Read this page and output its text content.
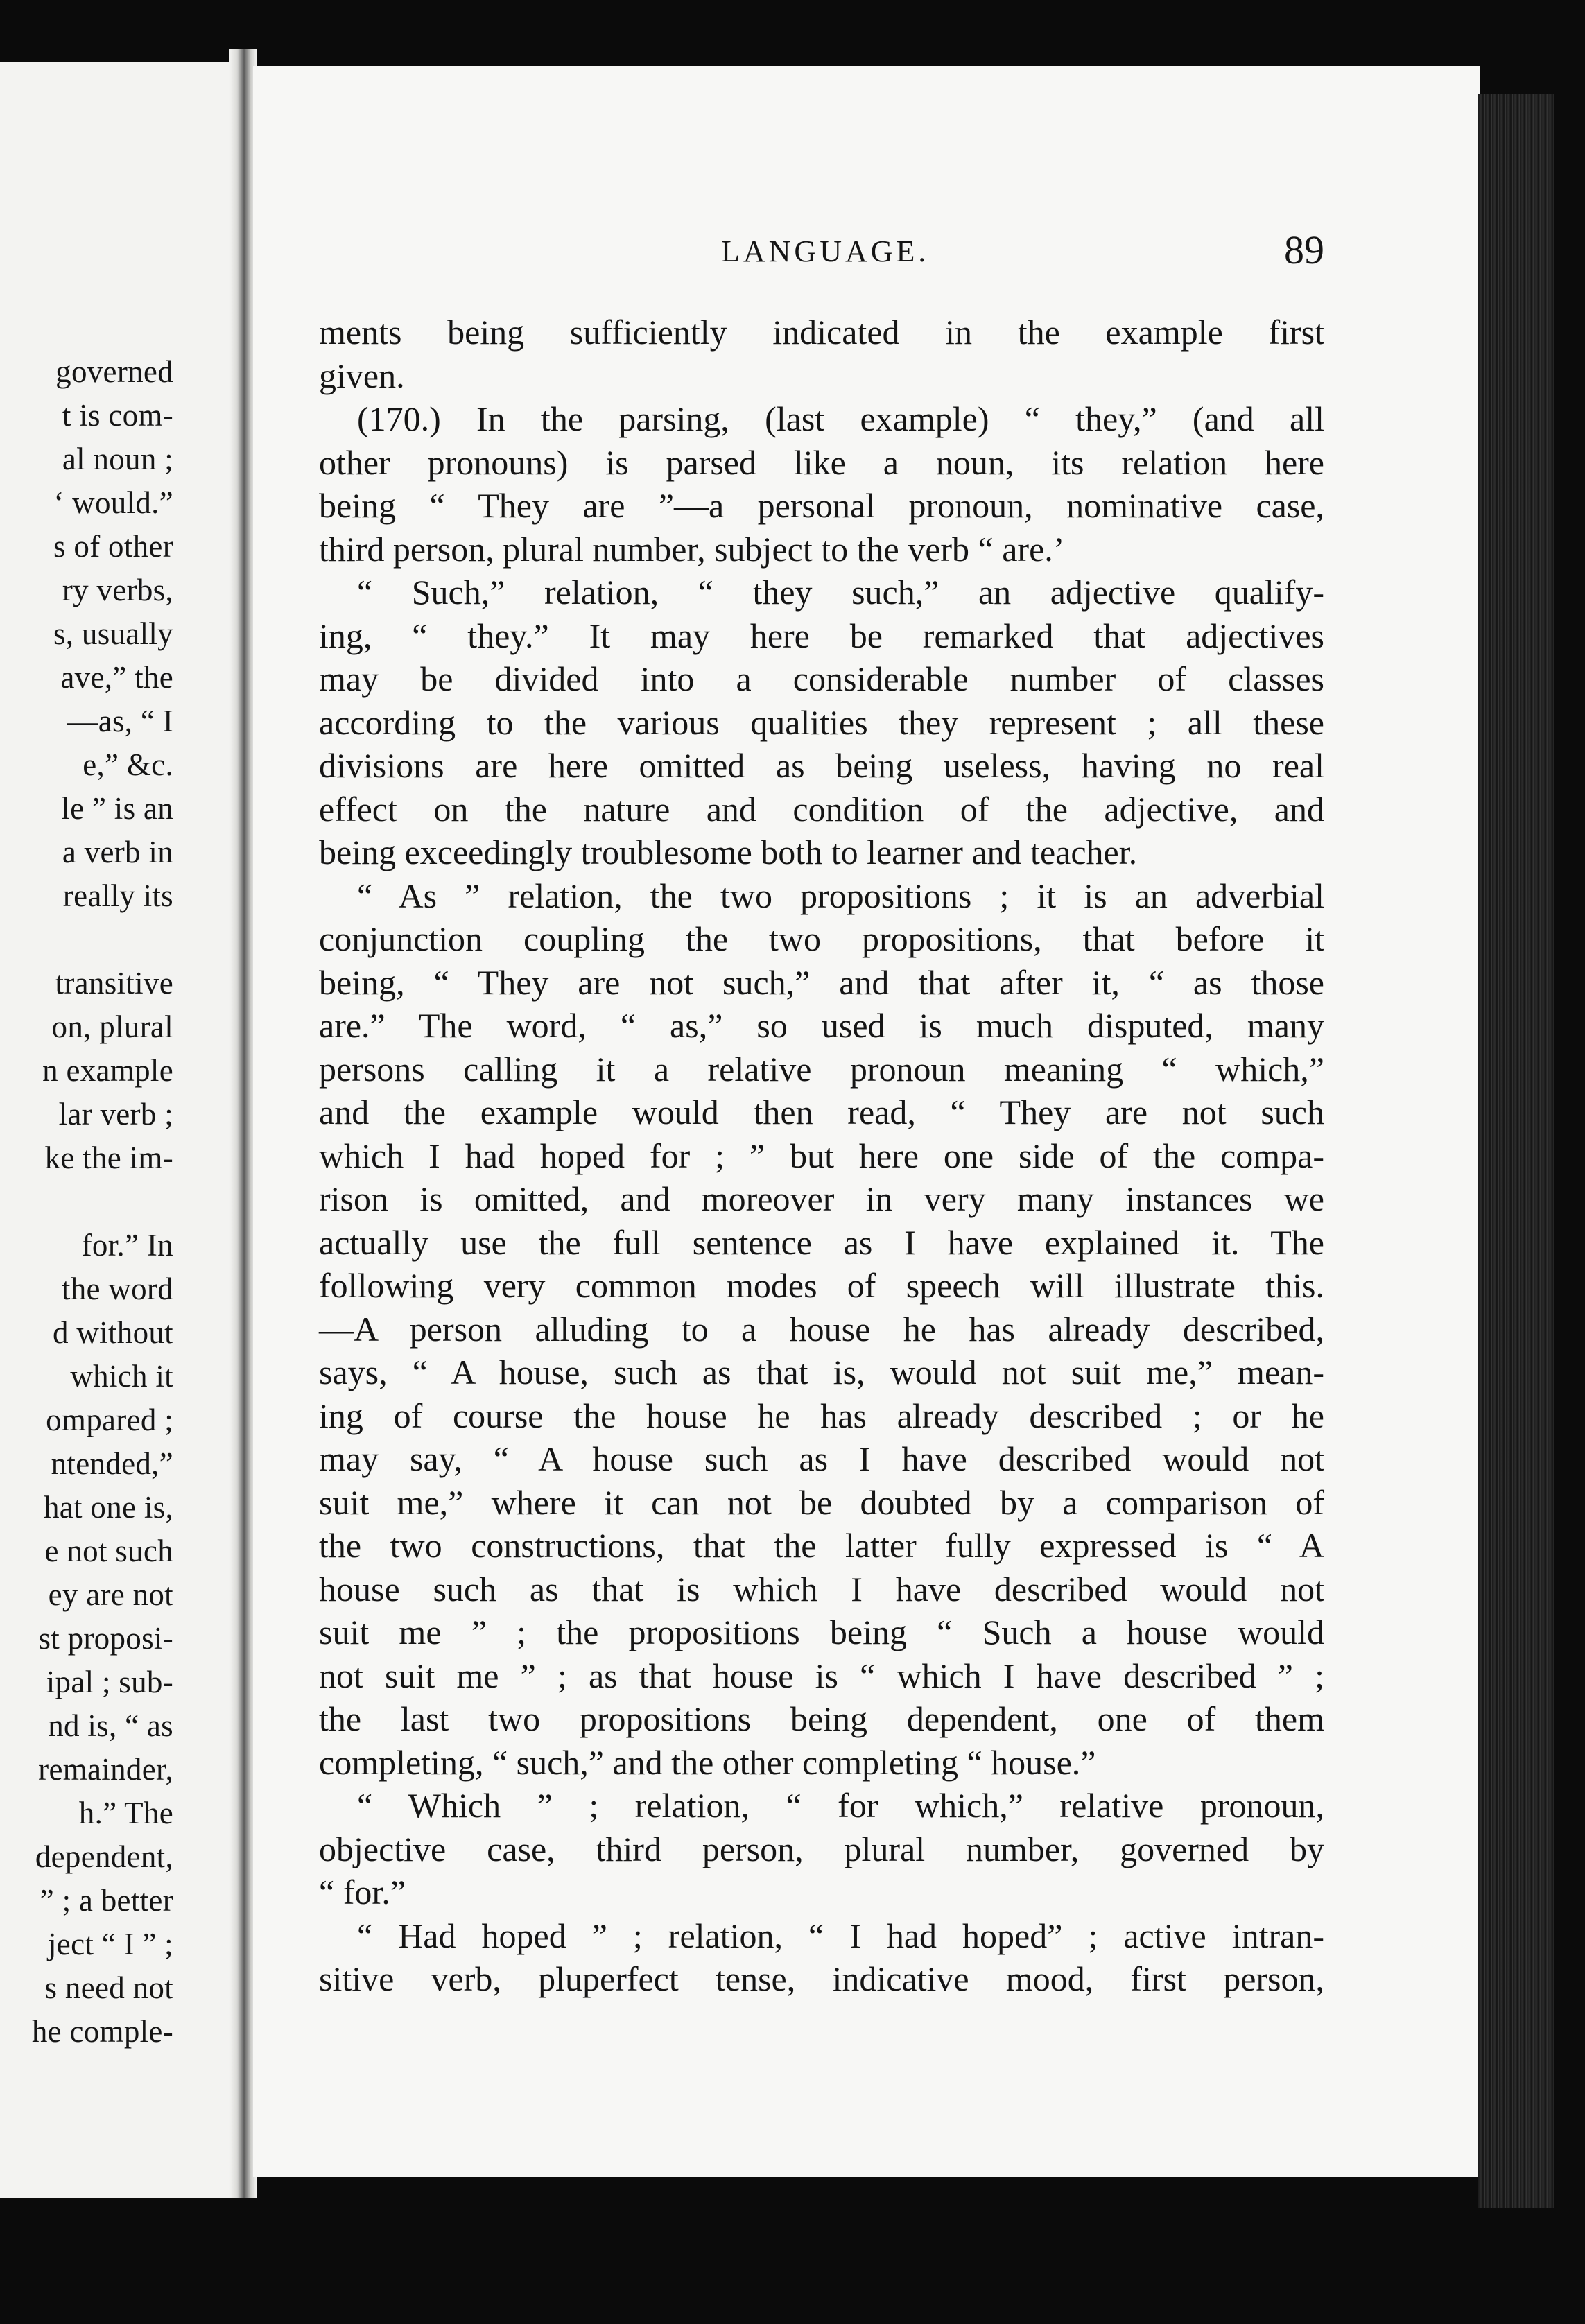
governed
t is com-
al noun ;
‘ would.”
s of other
ry verbs,
s, usually
ave,” the
—as, “ I
e,” &c.
le ” is an
a verb in
really its

transitive
on, plural
n example
lar verb ;
ke the im-

for.” In
the word
d without
which it
ompared ;
ntended,”
hat one is,
e not such
ey are not
st proposi-
ipal ; sub-
nd is, “ as
remainder,
h.” The
dependent,
” ; a better
ject “ I ” ;
s need not
he comple-
LANGUAGE.	89
ments being sufficiently indicated in the example first
given.
(170.) In the parsing, (last example) “ they,” (and all
other pronouns) is parsed like a noun, its relation here
being “ They are ”—a personal pronoun, nominative case,
third person, plural number, subject to the verb “ are.’
“ Such,” relation, “ they such,” an adjective qualify-
ing, “ they.” It may here be remarked that adjectives
may be divided into a considerable number of classes
according to the various qualities they represent ; all these
divisions are here omitted as being useless, having no real
effect on the nature and condition of the adjective, and
being exceedingly troublesome both to learner and teacher.
“ As ” relation, the two propositions ; it is an adverbial
conjunction coupling the two propositions, that before it
being, “ They are not such,” and that after it, “ as those
are.” The word, “ as,” so used is much disputed, many
persons calling it a relative pronoun meaning “ which,”
and the example would then read, “ They are not such
which I had hoped for ; ” but here one side of the compa-
rison is omitted, and moreover in very many instances we
actually use the full sentence as I have explained it. The
following very common modes of speech will illustrate this.
—A person alluding to a house he has already described,
says, “ A house, such as that is, would not suit me,” mean-
ing of course the house he has already described ; or he
may say, “ A house such as I have described would not
suit me,” where it can not be doubted by a comparison of
the two constructions, that the latter fully expressed is “ A
house such as that is which I have described would not
suit me ” ; the propositions being “ Such a house would
not suit me ” ; as that house is “ which I have described ” ;
the last two propositions being dependent, one of them
completing, “ such,” and the other completing “ house.”
“ Which ” ; relation, “ for which,” relative pronoun,
objective case, third person, plural number, governed by
“ for.”
“ Had hoped ” ; relation, “ I had hoped” ; active intran-
sitive verb, pluperfect tense, indicative mood, first person,
